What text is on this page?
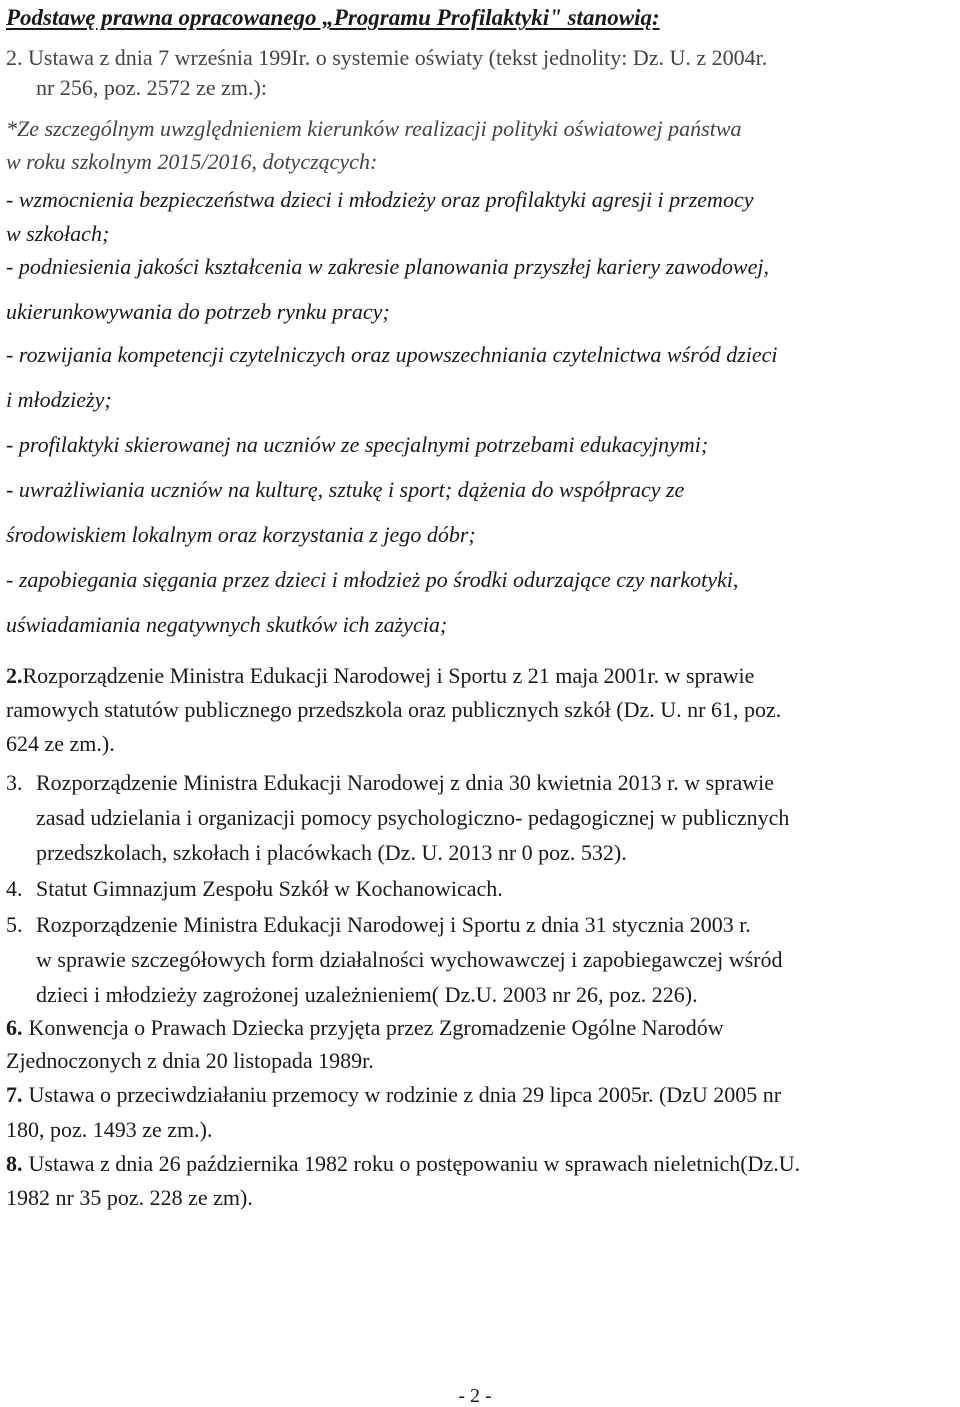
Podstawę prawna opracowanego „Programu Profilaktyki" stanowią:
2. Ustawa z dnia 7 września 199Ir. o systemie oświaty (tekst jednolity: Dz. U. z 2004r.
nr 256, poz. 2572 ze zm.):
*Ze szczególnym uwzględnieniem kierunków realizacji polityki oświatowej państwa
w roku szkolnym 2015/2016, dotyczących:
- wzmocnienia bezpieczeństwa dzieci i młodzieży oraz profilaktyki agresji i przemocy
w szkołach;
- podniesienia jakości kształcenia w zakresie planowania przyszłej kariery zawodowej,
ukierunkowywania do potrzeb rynku pracy;
- rozwijania kompetencji czytelniczych oraz upowszechniania czytelnictwa wśród dzieci
i młodzieży;
- profilaktyki skierowanej na uczniów ze specjalnymi potrzebami edukacyjnymi;
- uwrażliwiania uczniów na kulturę, sztukę i sport; dążenia do współpracy ze
środowiskiem lokalnym oraz korzystania z jego dóbr;
- zapobiegania sięgania przez dzieci i młodzież po środki odurzające czy narkotyki,
uświadamiania negatywnych skutków ich zażycia;
2.Rozporządzenie Ministra Edukacji Narodowej i Sportu z 21 maja 2001r. w sprawie
ramowych statutów publicznego przedszkola oraz publicznych szkół (Dz. U. nr 61, poz.
624 ze zm.).
3. Rozporządzenie Ministra Edukacji Narodowej z dnia 30 kwietnia 2013 r. w sprawie
zasad udzielania i organizacji pomocy psychologiczno- pedagogicznej w publicznych
przedszkolach, szkołach i placówkach (Dz. U. 2013 nr 0 poz. 532).
4. Statut Gimnazjum Zespołu Szkół w Kochanowicach.
5. Rozporządzenie Ministra Edukacji Narodowej i Sportu z dnia 31 stycznia 2003 r.
w sprawie szczegółowych form działalności wychowawczej i zapobiegawczej wśród
dzieci i młodzieży zagrożonej uzależnieniem( Dz.U. 2003 nr 26, poz. 226).
6. Konwencja o Prawach Dziecka przyjęta przez Zgromadzenie Ogólne Narodów
Zjednoczonych z dnia 20 listopada 1989r.
7. Ustawa o przeciwdziałaniu przemocy w rodzinie z dnia 29 lipca 2005r. (DzU 2005 nr
180, poz. 1493 ze zm.).
8. Ustawa z dnia 26 października 1982 roku o postępowaniu w sprawach nieletnich(Dz.U.
1982 nr 35 poz. 228 ze zm).
- 2 -
